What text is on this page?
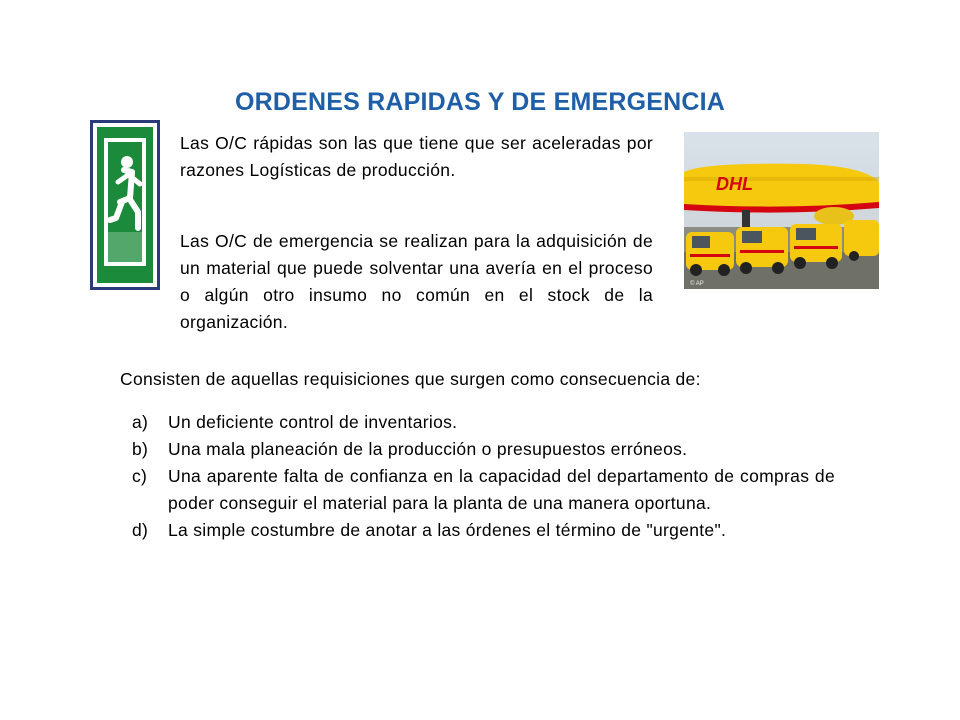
ORDENES RAPIDAS Y DE EMERGENCIA
DHL
© AP
Las O/C rápidas son las que tiene que ser aceleradas por razones Logísticas de producción.
Las O/C de emergencia se realizan para la adquisición de un material que puede solventar una avería en el proceso o algún otro insumo no común en el stock de la organización.
Consisten de aquellas requisiciones que surgen como consecuencia de:
a) Un deficiente control de inventarios.
b) Una mala planeación de la producción o presupuestos erróneos.
c) Una aparente falta de confianza en la capacidad del departamento de compras de poder conseguir el material para la planta de una manera oportuna.
d) La simple costumbre de anotar a las órdenes el término de "urgente".
